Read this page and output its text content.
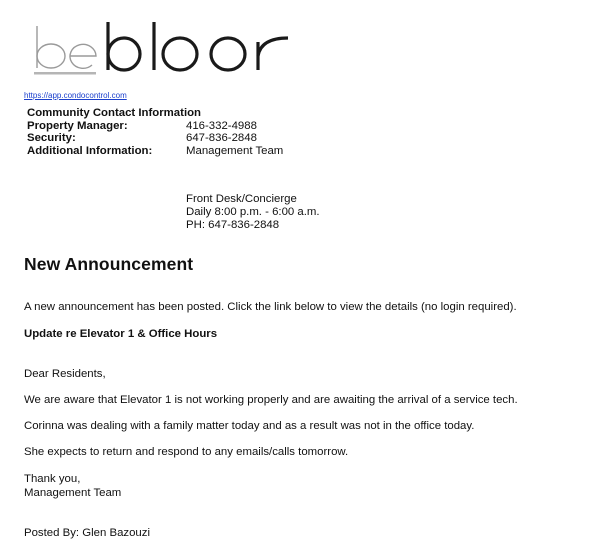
https://app.condocontrol.com
Community Contact Information
Property Manager:	416-332-4988
Security:	647-836-2848
Additional Information:	Management Team
Front Desk/Concierge
Daily 8:00 p.m. - 6:00 a.m.
PH: 647-836-2848
New Announcement

A new announcement has been posted. Click the link below to view the details (no login required).

Update re Elevator 1 & Office Hours

Dear Residents,

We are aware that Elevator 1 is not working properly and are awaiting the arrival of a service tech.

Corinna was dealing with a family matter today and as a result was not in the office today.

She expects to return and respond to any emails/calls tomorrow.

Thank you,

Management Team

Posted By: Glen Bazouzi
